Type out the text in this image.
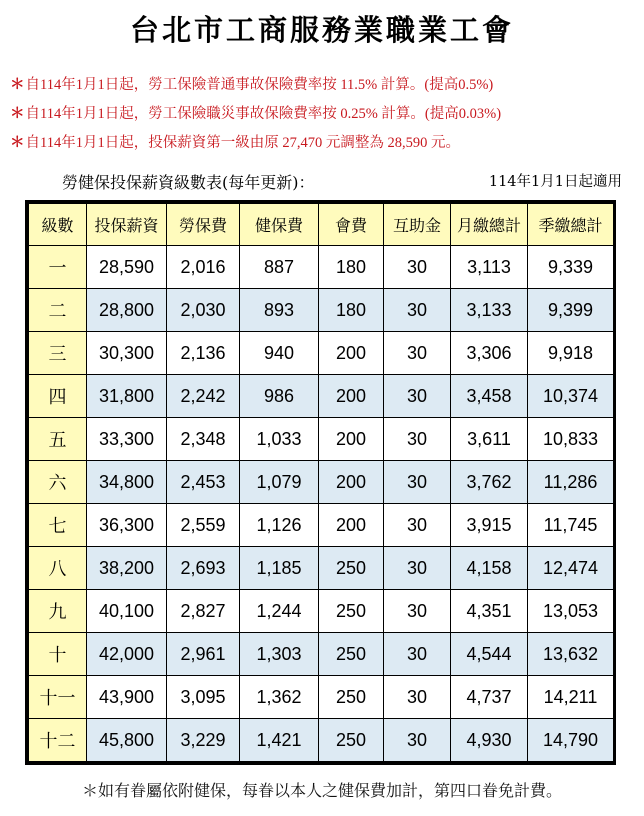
台北市工商服務業職業工會
＊自114年1月1日起，勞工保險普通事故保險費率按 11.5% 計算。(提高0.5%)
＊自114年1月1日起，勞工保險職災事故保險費率按 0.25% 計算。(提高0.03%)
＊自114年1月1日起，投保薪資第一級由原 27,470 元調整為 28,590 元。
勞健保投保薪資級數表(每年更新)：	114年1月1日起適用
級數	投保薪資	勞保費	健保費	會費	互助金	月繳總計	季繳總計
一	28,590	2,016	887	180	30	3,113	9,339
二	28,800	2,030	893	180	30	3,133	9,399
三	30,300	2,136	940	200	30	3,306	9,918
四	31,800	2,242	986	200	30	3,458	10,374
五	33,300	2,348	1,033	200	30	3,611	10,833
六	34,800	2,453	1,079	200	30	3,762	11,286
七	36,300	2,559	1,126	200	30	3,915	11,745
八	38,200	2,693	1,185	250	30	4,158	12,474
九	40,100	2,827	1,244	250	30	4,351	13,053
十	42,000	2,961	1,303	250	30	4,544	13,632
十一	43,900	3,095	1,362	250	30	4,737	14,211
十二	45,800	3,229	1,421	250	30	4,930	14,790
＊如有眷屬依附健保，每眷以本人之健保費加計，第四口眷免計費。
